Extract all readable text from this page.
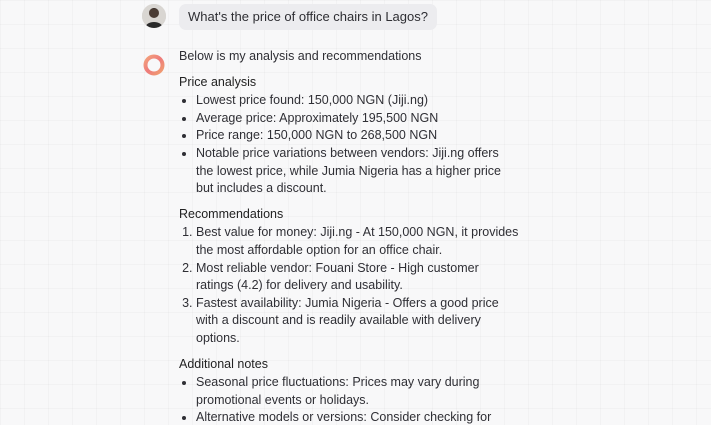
What's the price of office chairs in Lagos?

Below is my analysis and recommendations

Price analysis

• Lowest price found: 150,000 NGN (Jiji.ng)
• Average price: Approximately 195,500 NGN
• Price range: 150,000 NGN to 268,500 NGN
• Notable price variations between vendors: Jiji.ng offers the lowest price, while Jumia Nigeria has a higher price but includes a discount.

Recommendations

1. Best value for money: Jiji.ng - At 150,000 NGN, it provides the most affordable option for an office chair.
2. Most reliable vendor: Fouani Store - High customer ratings (4.2) for delivery and usability.
3. Fastest availability: Jumia Nigeria - Offers a good price with a discount and is readily available with delivery options.

Additional notes

• Seasonal price fluctuations: Prices may vary during promotional events or holidays.
• Alternative models or versions: Consider checking for
